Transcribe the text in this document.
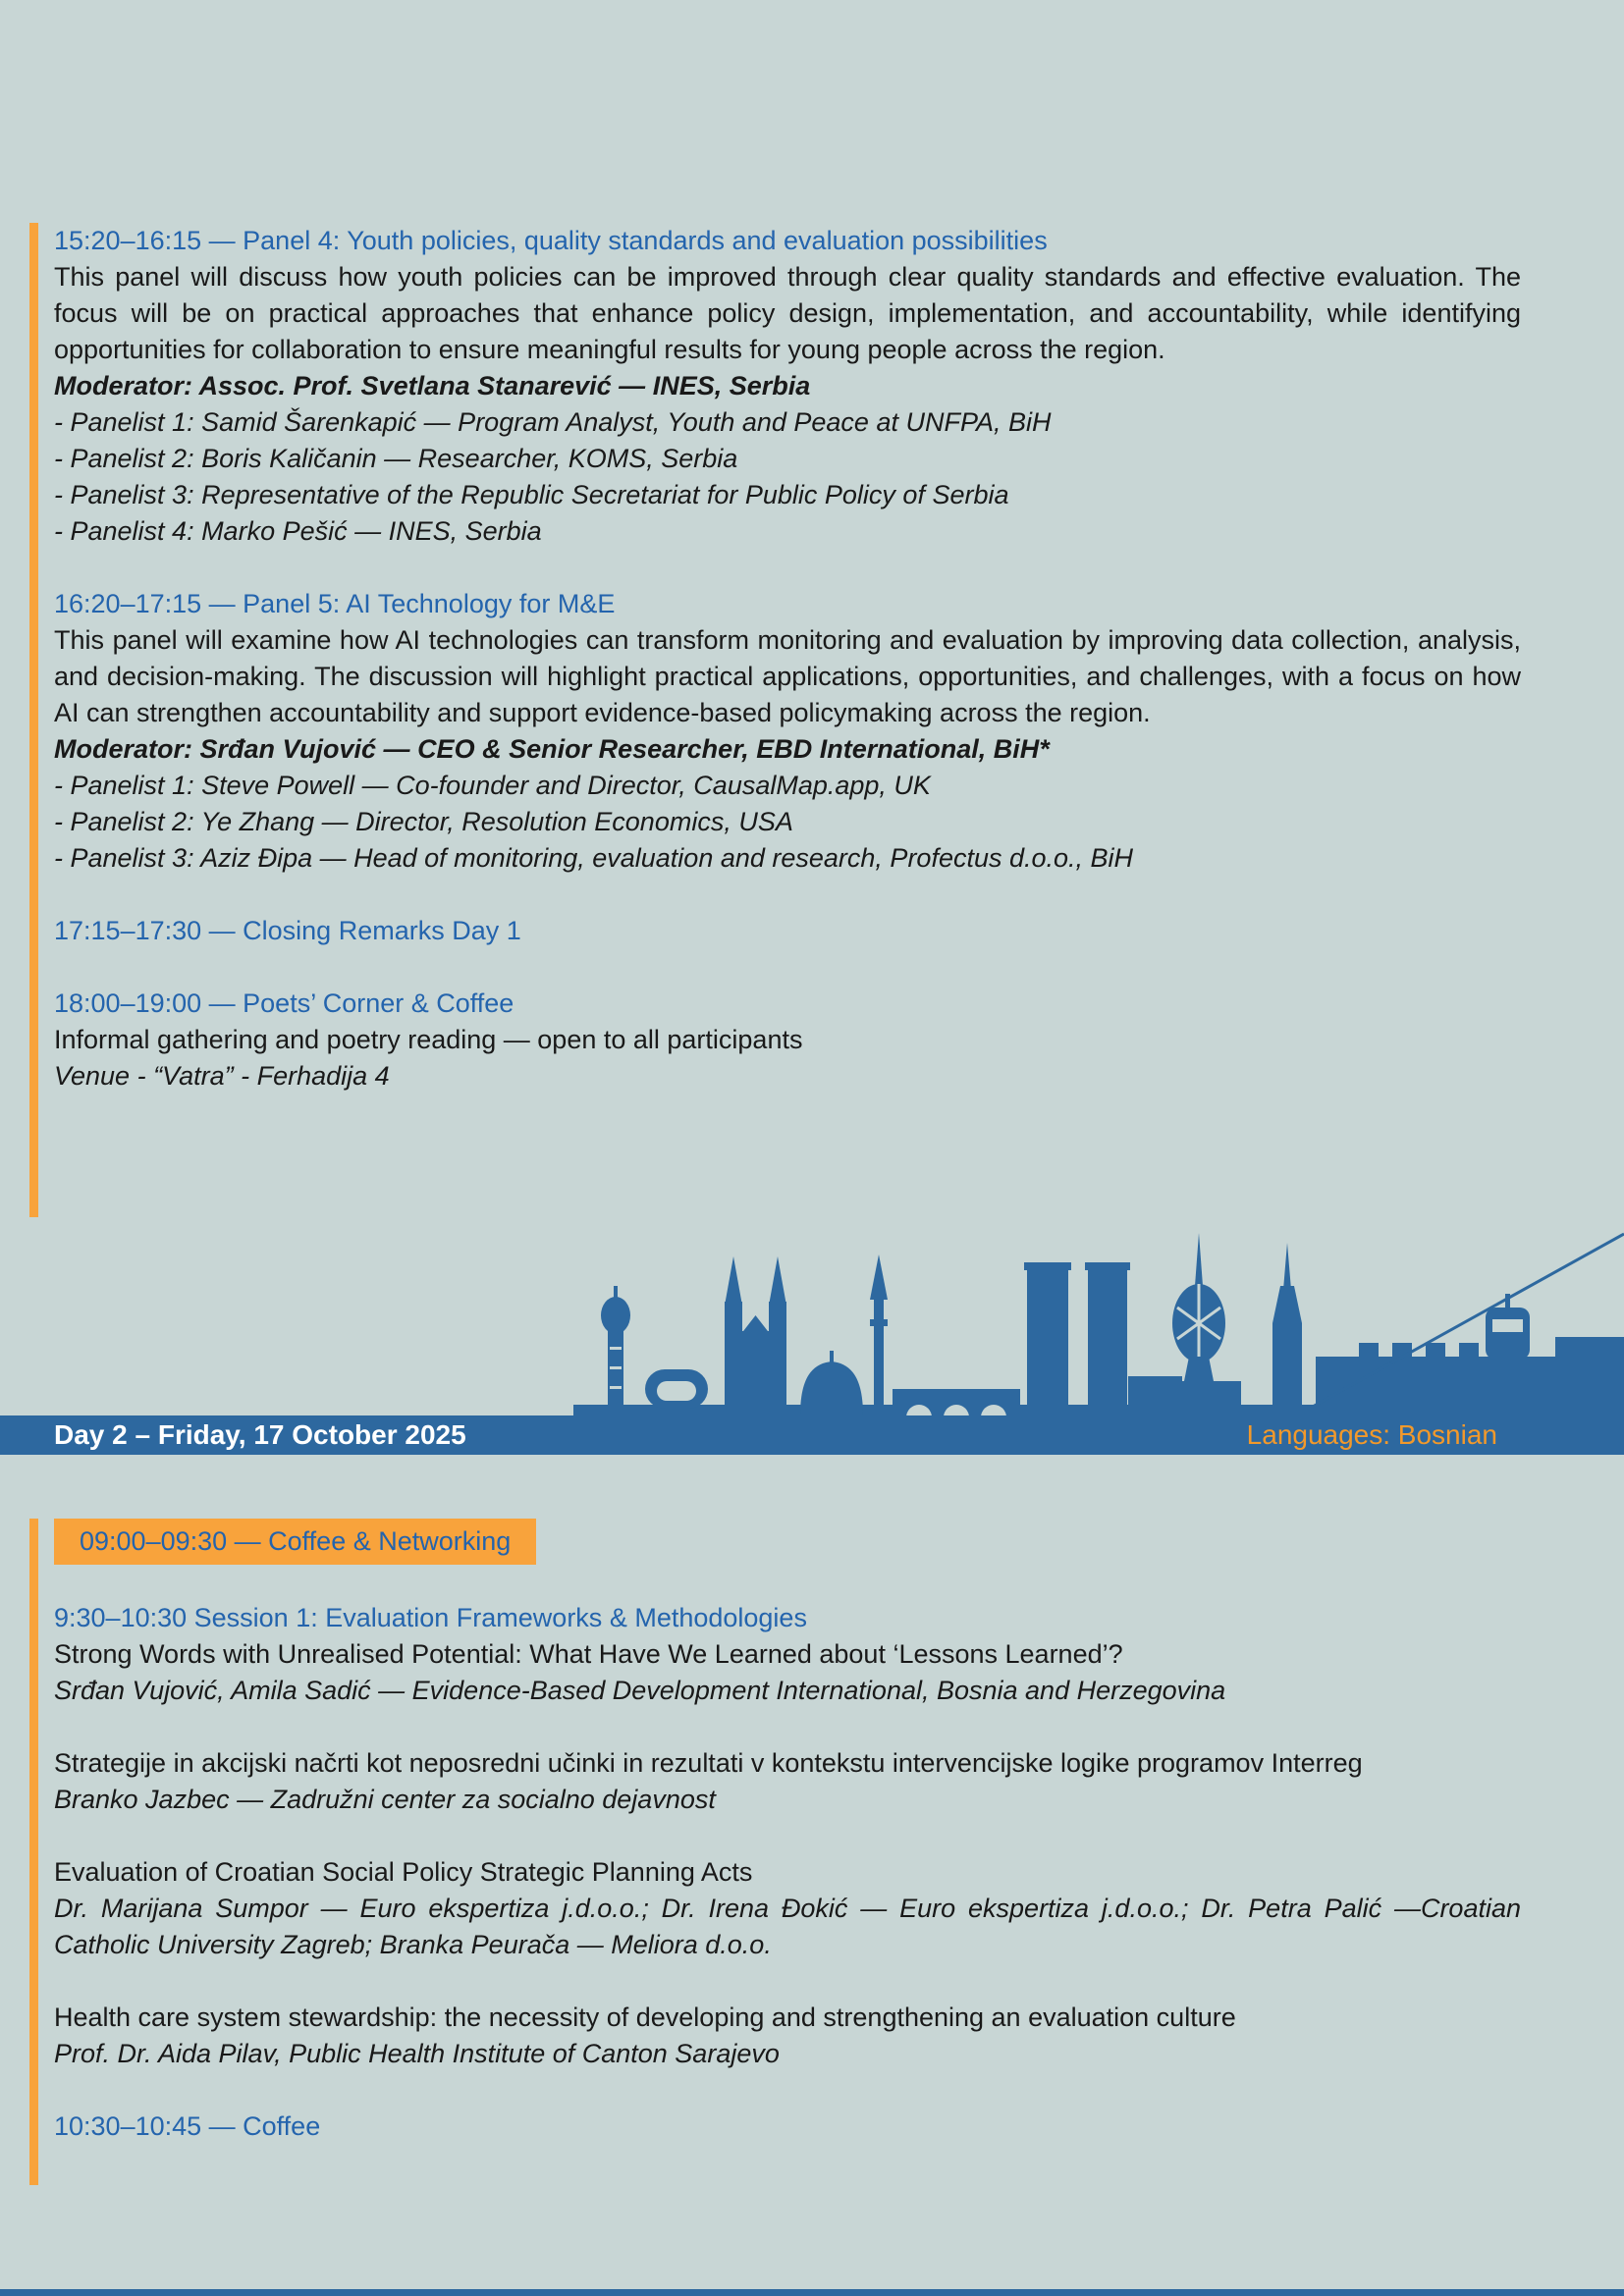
15:20–16:15 — Panel 4: Youth policies, quality standards and evaluation possibilities

This panel will discuss how youth policies can be improved through clear quality standards and effective evaluation. The focus will be on practical approaches that enhance policy design, implementation, and accountability, while identifying opportunities for collaboration to ensure meaningful results for young people across the region.

Moderator: Assoc. Prof. Svetlana Stanarević — INES, Serbia
- Panelist 1: Samid Šarenkapić — Program Analyst, Youth and Peace at UNFPA, BiH
- Panelist 2: Boris Kaličanin — Researcher, KOMS, Serbia
- Panelist 3: Representative of the Republic Secretariat for Public Policy of Serbia
- Panelist 4: Marko Pešić — INES, Serbia
16:20–17:15 — Panel 5: AI Technology for M&E

This panel will examine how AI technologies can transform monitoring and evaluation by improving data collection, analysis, and decision-making. The discussion will highlight practical applications, opportunities, and challenges, with a focus on how AI can strengthen accountability and support evidence-based policymaking across the region.

Moderator: Srđan Vujović — CEO & Senior Researcher, EBD International, BiH*
- Panelist 1: Steve Powell — Co-founder and Director, CausalMap.app, UK
- Panelist 2: Ye Zhang — Director, Resolution Economics, USA
- Panelist 3: Aziz Đipa — Head of monitoring, evaluation and research, Profectus d.o.o., BiH
17:15–17:30 — Closing Remarks Day 1
18:00–19:00 — Poets’ Corner & Coffee
Informal gathering and poetry reading — open to all participants
Venue - “Vatra” - Ferhadija 4
Day 2 – Friday, 17 October 2025	Languages: Bosnian
09:00–09:30 — Coffee & Networking
9:30–10:30 Session 1: Evaluation Frameworks & Methodologies

Strong Words with Unrealised Potential: What Have We Learned about ‘Lessons Learned’?

Srđan Vujović, Amila Sadić — Evidence-Based Development International, Bosnia and Herzegovina

Strategije in akcijski načrti kot neposredni učinki in rezultati v kontekstu intervencijske logike programov Interreg

Branko Jazbec — Zadružni center za socialno dejavnost

Evaluation of Croatian Social Policy Strategic Planning Acts

Dr. Marijana Sumpor — Euro ekspertiza j.d.o.o.; Dr. Irena Đokić — Euro ekspertiza j.d.o.o.; Dr. Petra Palić —Croatian Catholic University Zagreb; Branka Peurača — Meliora d.o.o.

Health care system stewardship: the necessity of developing and strengthening an evaluation culture

Prof. Dr. Aida Pilav, Public Health Institute of Canton Sarajevo

10:30–10:45 — Coffee
